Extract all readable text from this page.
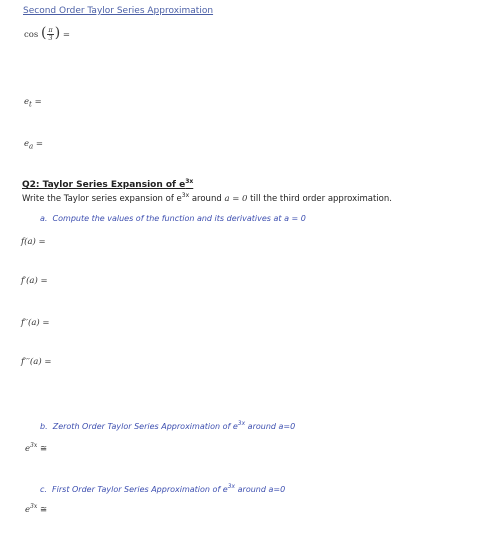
Second Order Taylor Series Approximation
cos ( $\frac{\pi}{3}$) =
$e_t$ =
$e_a$ =
Q2: Taylor Series Expansion of $e^{3x}$
Write the Taylor series expansion of $e^{3x}$ around a = 0 till the third order approximation.
a. Compute the values of the function and its derivatives at a = 0
f(a) =
f′(a) =
f′′(a) =
f′′′(a) =
b. Zeroth Order Taylor Series Approximation of $e^{3x}$ around a=0
$e^{3x}$ ≅
c. First Order Taylor Series Approximation of $e^{3x}$ around a=0
$e^{3x}$ ≅
